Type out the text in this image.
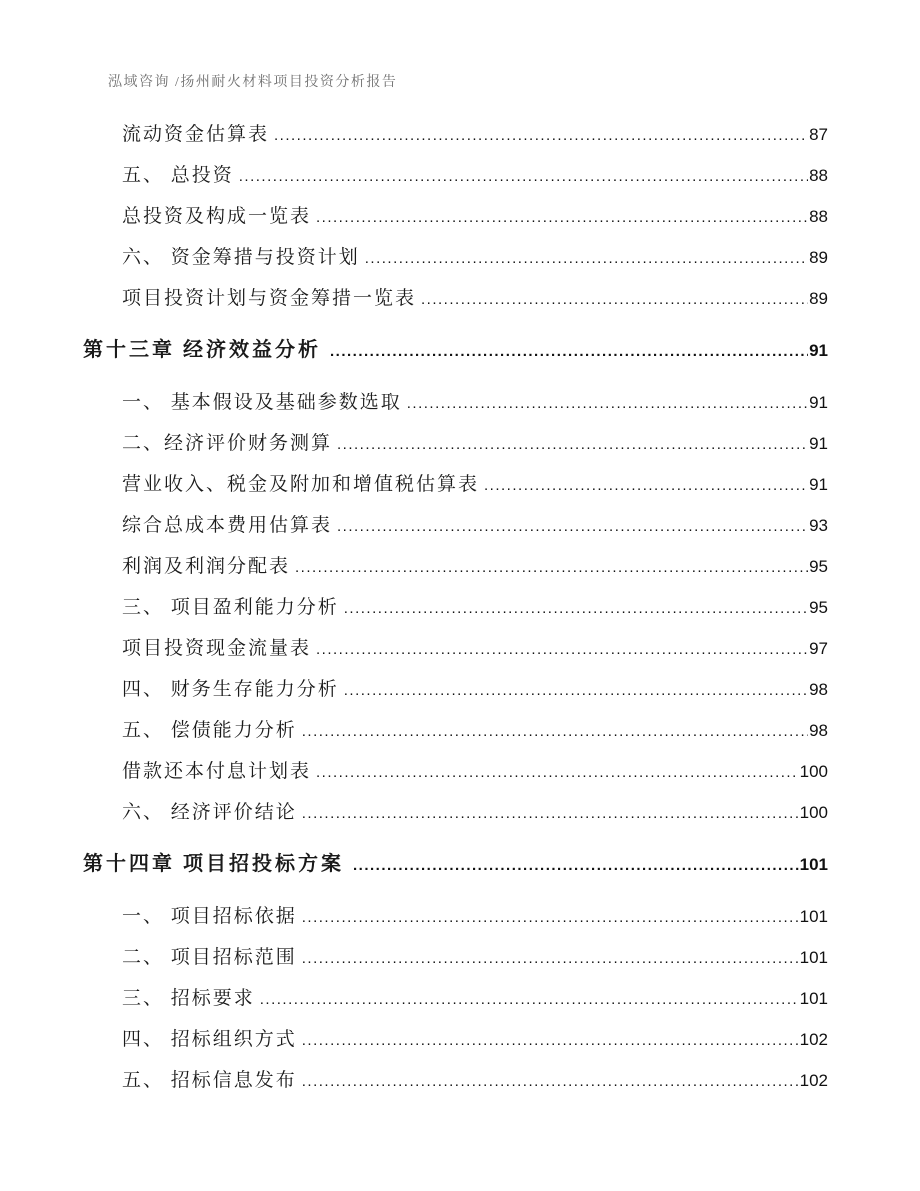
泓域咨询 /扬州耐火材料项目投资分析报告

流动资金估算表 .....	87
五、 总投资 .....	88
总投资及构成一览表 .....	88
六、 资金筹措与投资计划 .....	89
项目投资计划与资金筹措一览表 .....	89
第十三章 经济效益分析 .....	91
一、 基本假设及基础参数选取 .....	91
二、经济评价财务测算 .....	91
营业收入、税金及附加和增值税估算表 .....	91
综合总成本费用估算表 .....	93
利润及利润分配表 .....	95
三、 项目盈利能力分析 .....	95
项目投资现金流量表 .....	97
四、 财务生存能力分析 .....	98
五、 偿债能力分析 .....	98
借款还本付息计划表 .....	100
六、 经济评价结论 .....	100
第十四章 项目招投标方案 .....	101
一、 项目招标依据 .....	101
二、 项目招标范围 .....	101
三、 招标要求 .....	101
四、 招标组织方式 .....	102
五、 招标信息发布 .....	102
